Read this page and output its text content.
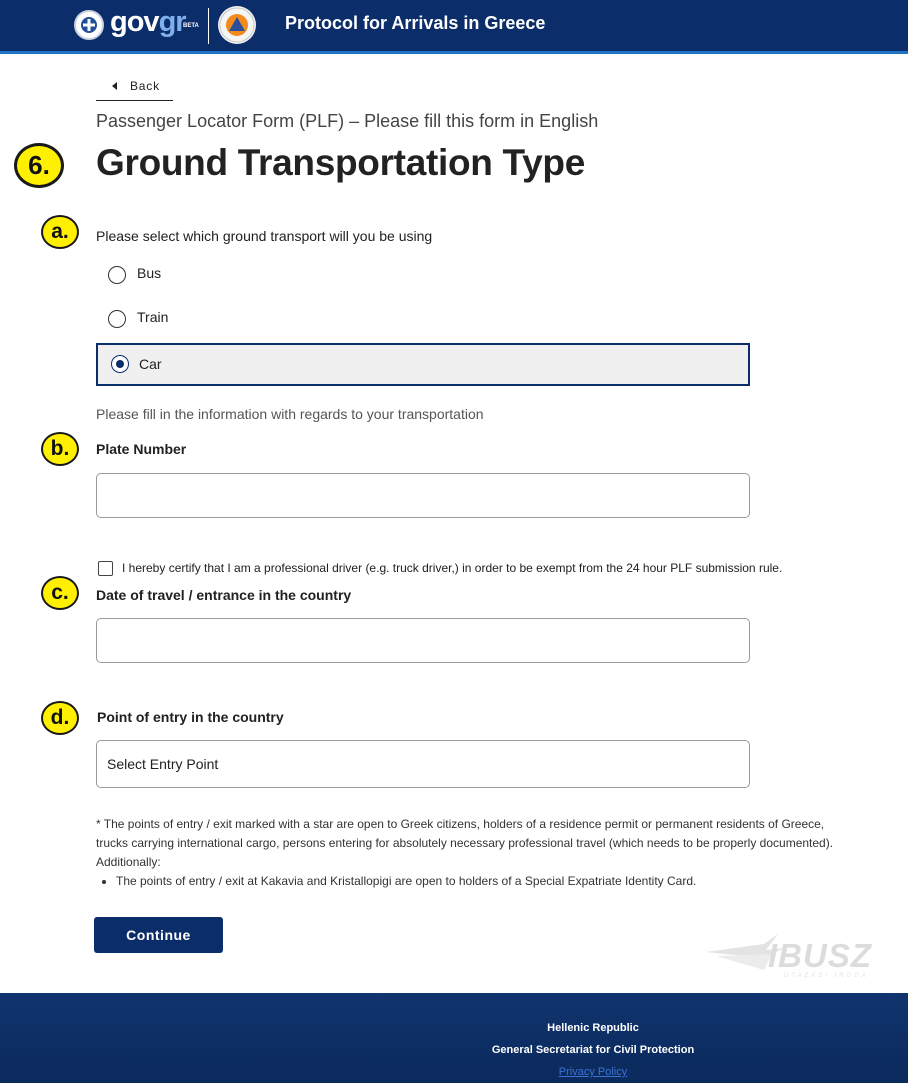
govgr
BETA	Protocol for Arrivals in Greece
Back
Passenger Locator Form (PLF) – Please fill this form in English
Ground Transportation Type
6.
a.
b.
c.
d.
Please select which ground transport will you be using
Bus
Train
Car
Please fill in the information with regards to your transportation
Plate Number
I hereby certify that I am a professional driver (e.g. truck driver,) in order to be exempt from the 24 hour PLF submission rule.
Date of travel / entrance in the country
Point of entry in the country
Select Entry Point
* The points of entry / exit marked with a star are open to Greek citizens, holders of a residence permit or permanent residents of Greece, trucks carrying international cargo, persons entering for absolutely necessary professional travel (which needs to be properly documented). Additionally:
• The points of entry / exit at Kakavia and Kristallopigi are open to holders of a Special Expatriate Identity Card.
Continue
IBUSZ
UTAZÁSI IRODA
Hellenic Republic
General Secretariat for Civil Protection
Privacy Policy
